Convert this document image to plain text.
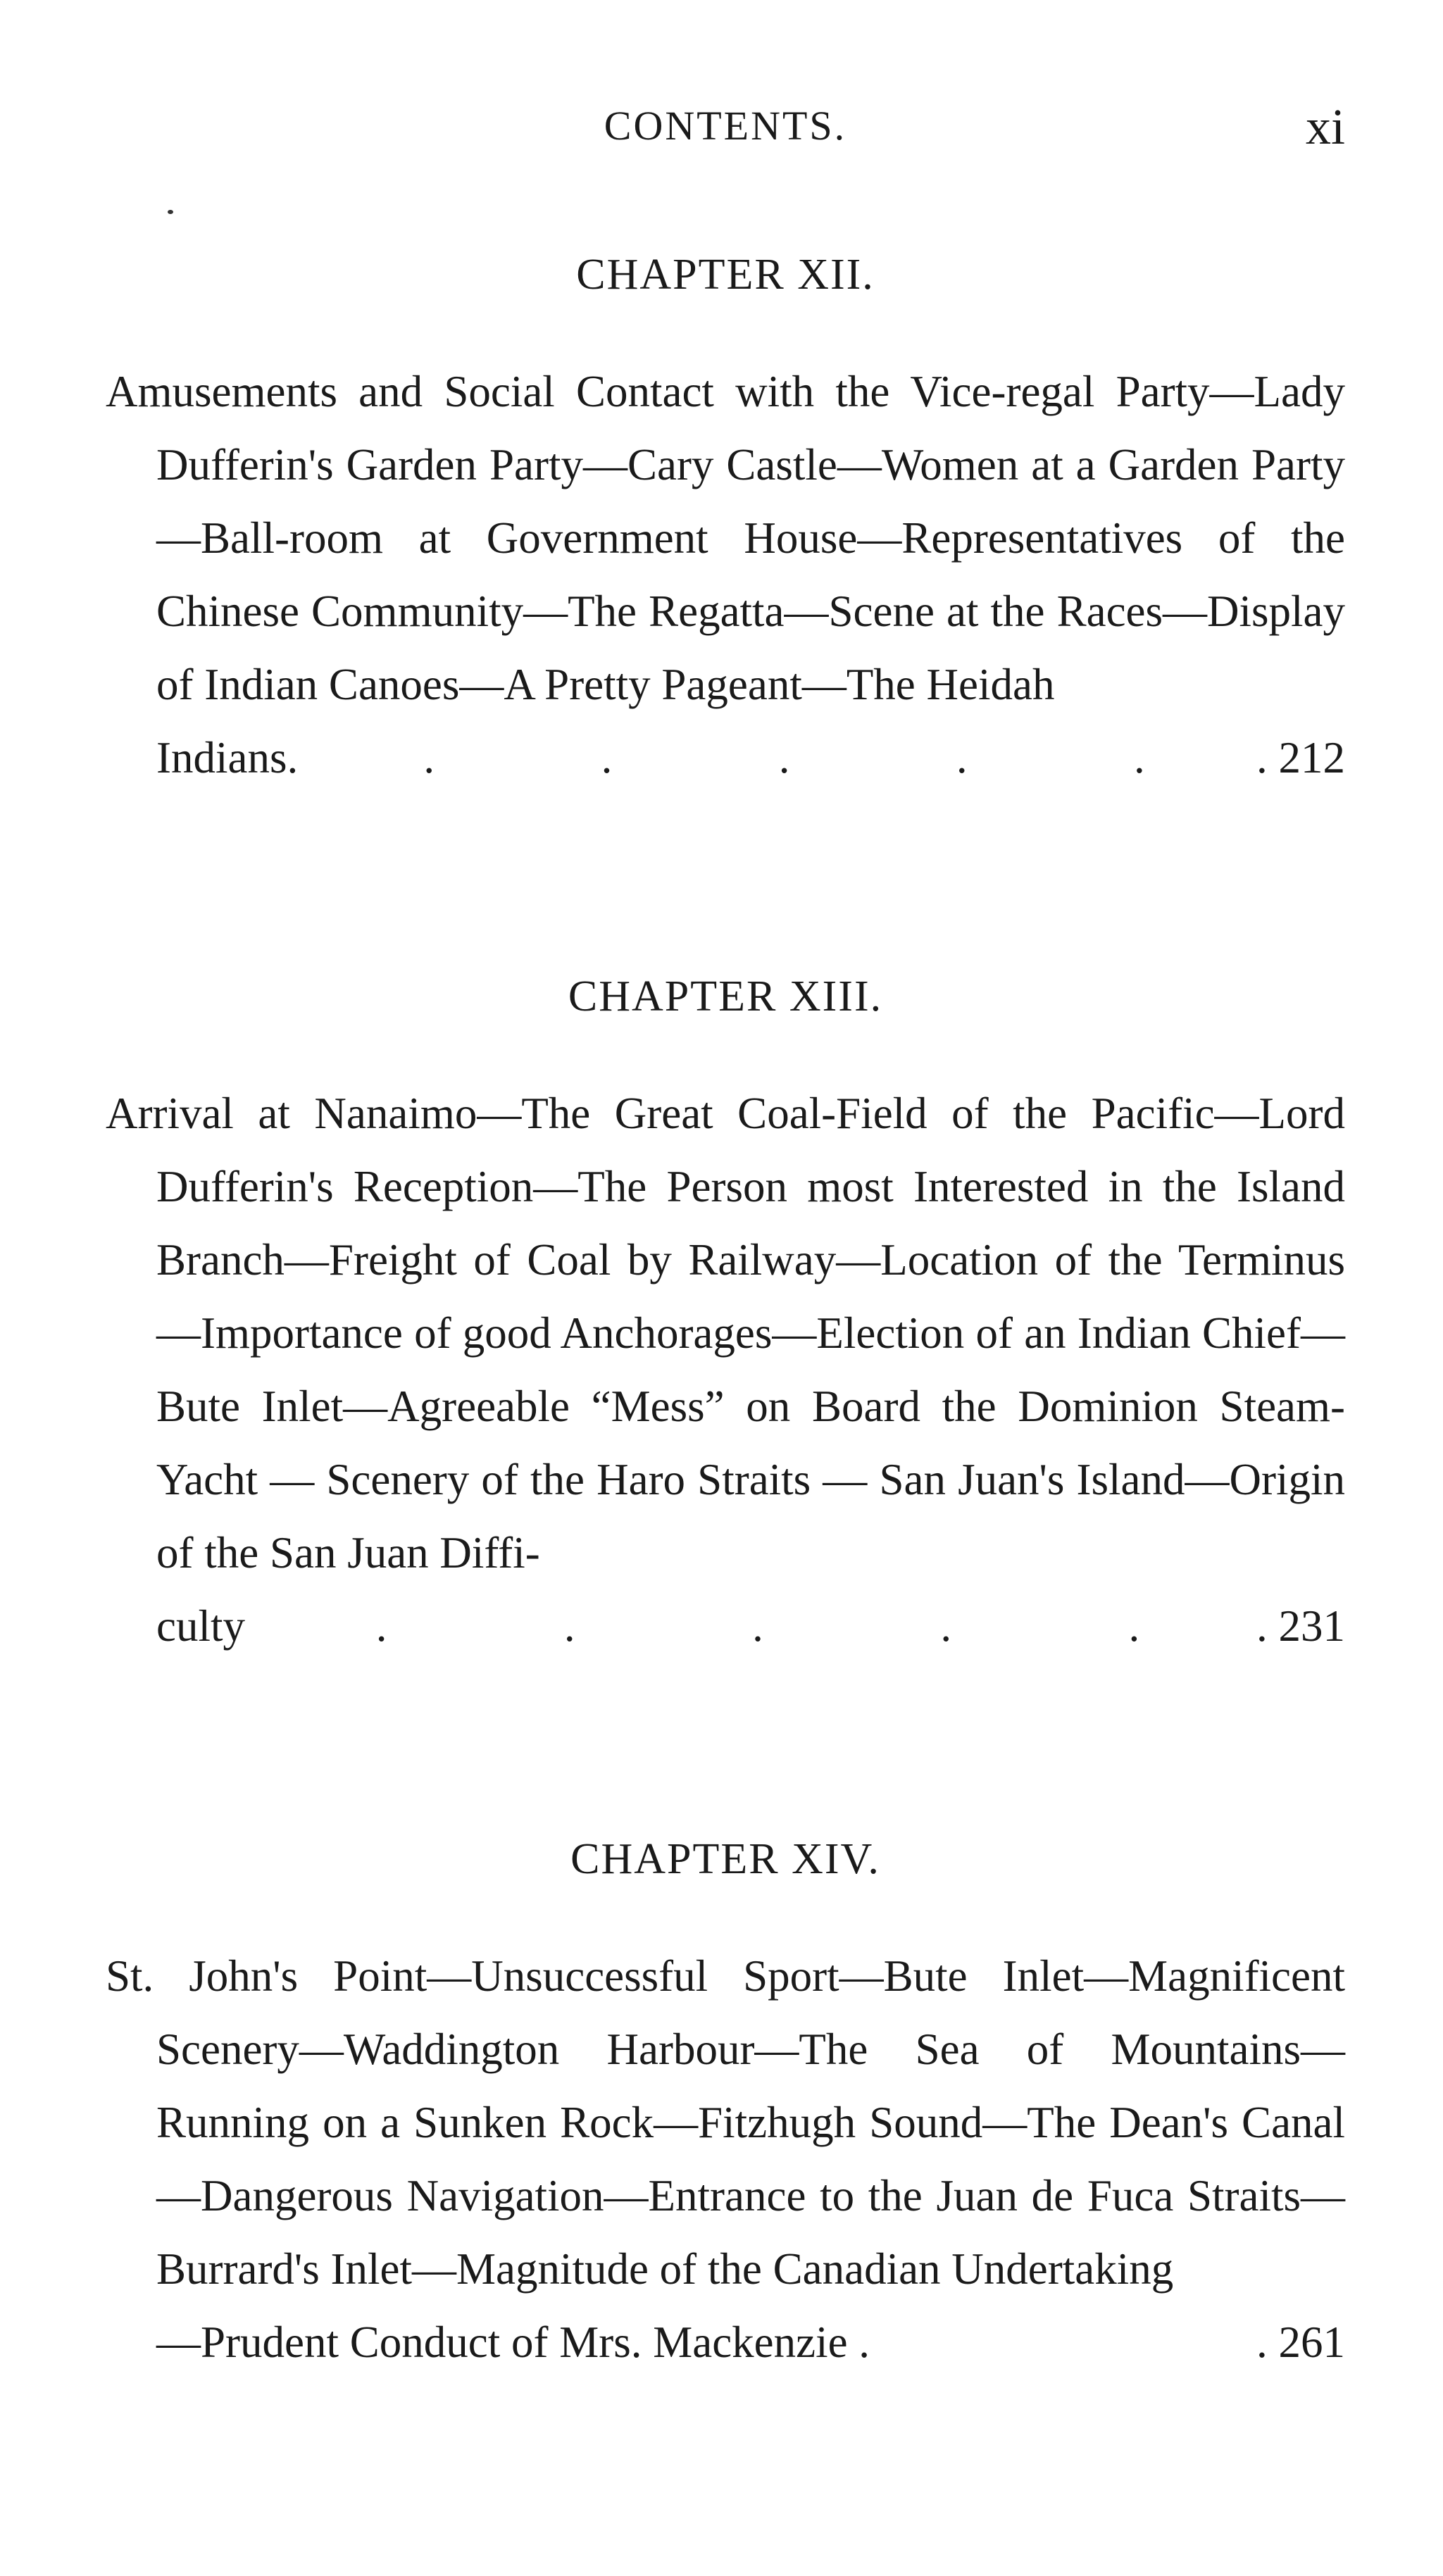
CONTENTS.	xi
CHAPTER XII.

Amusements and Social Contact with the Vice-regal Party—Lady Dufferin's Garden Party—Cary Castle—Women at a Garden Party—Ball-room at Government House—Representatives of the Chinese Community—The Regatta—Scene at the Races—Display of Indian Canoes—A Pretty Pageant—The Heidah

Indians.	.	.	.	.	.	. 212
CHAPTER XIII.

Arrival at Nanaimo—The Great Coal-Field of the Pacific—Lord Dufferin's Reception—The Person most Interested in the Island Branch—Freight of Coal by Railway—Location of the Terminus—Importance of good Anchorages—Election of an Indian Chief—Bute Inlet—Agreeable “Mess” on Board the Dominion Steam-Yacht — Scenery of the Haro Straits — San Juan's Island—Origin of the San Juan Diffi-

culty	.	.	.	.	.	. 231
CHAPTER XIV.

St. John's Point—Unsuccessful Sport—Bute Inlet—Magnificent Scenery—Waddington Harbour—The Sea of Mountains—Running on a Sunken Rock—Fitzhugh Sound—The Dean's Canal—Dangerous Navigation—Entrance to the Juan de Fuca Straits—Burrard's Inlet—Magnitude of the Canadian Undertaking

—Prudent Conduct of Mrs. Mackenzie .	. 261
